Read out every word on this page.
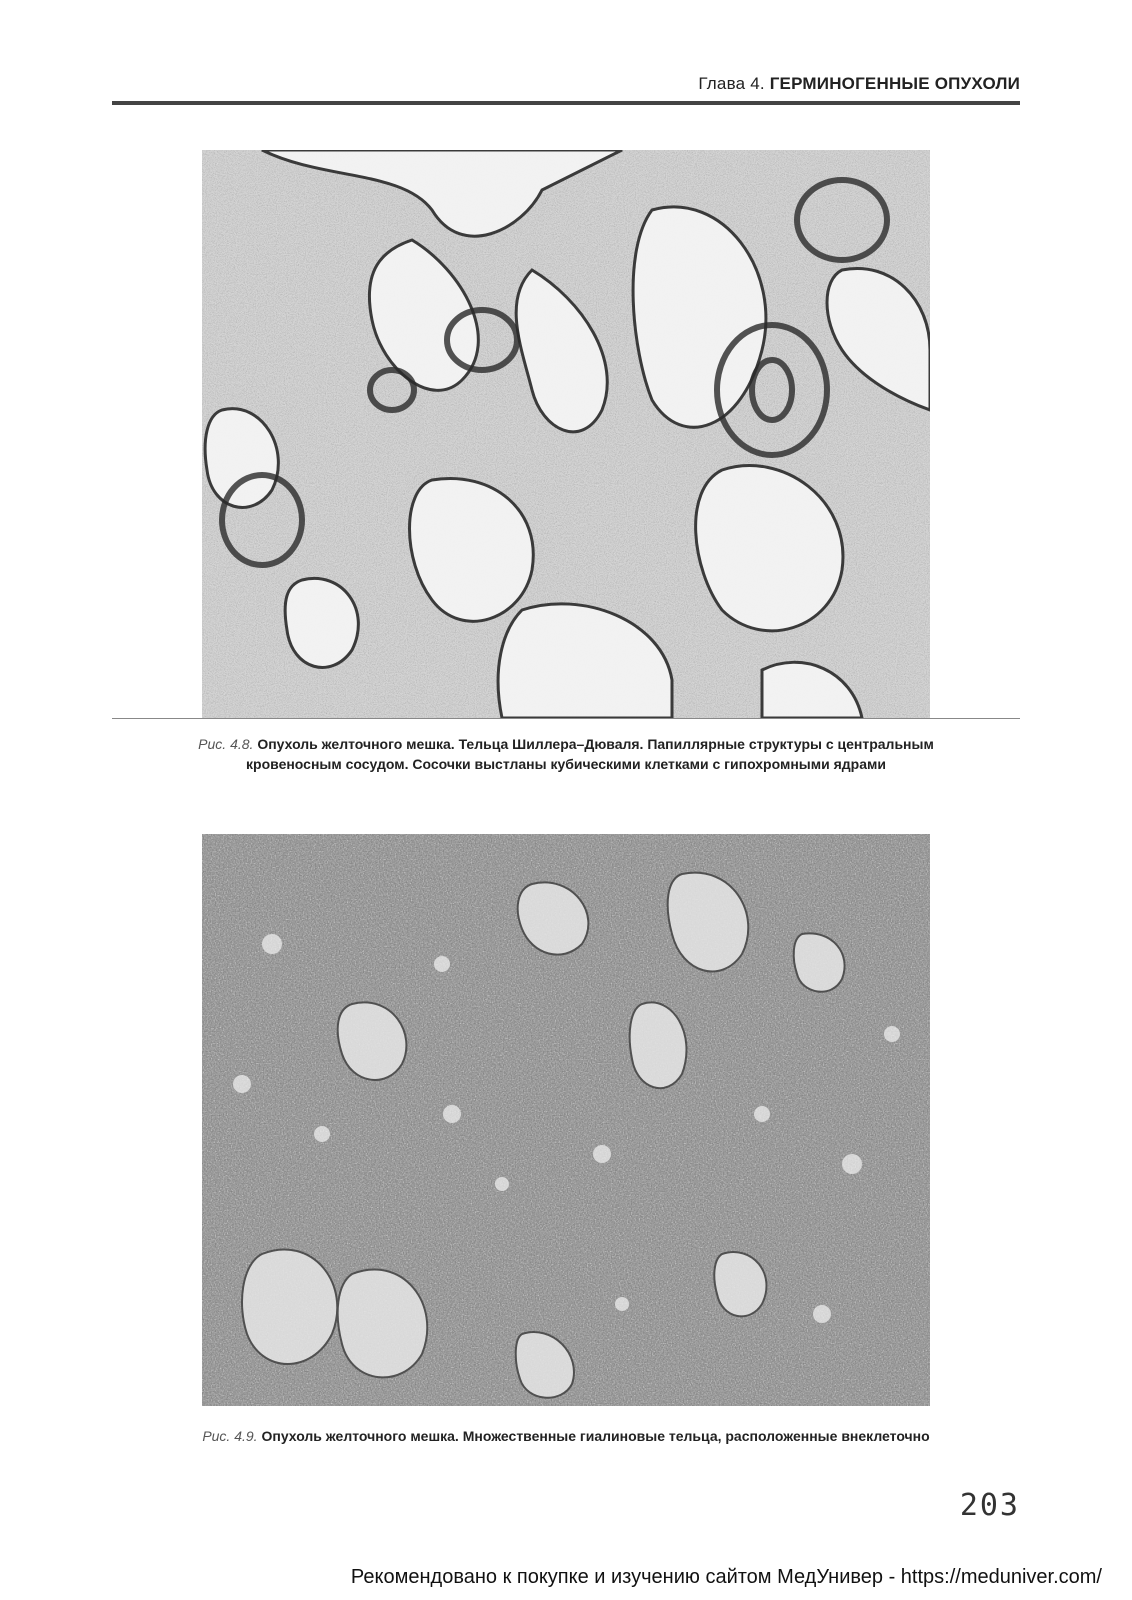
Глава 4. ГЕРМИНОГЕННЫЕ ОПУХОЛИ
Рис. 4.8. Опухоль желточного мешка. Тельца Шиллера–Дюваля. Папиллярные структуры с центральным кровеносным сосудом. Сосочки выстланы кубическими клетками с гипохромными ядрами
Рис. 4.9. Опухоль желточного мешка. Множественные гиалиновые тельца, расположенные внеклеточно
203
Рекомендовано к покупке и изучению сайтом МедУнивер - https://meduniver.com/
